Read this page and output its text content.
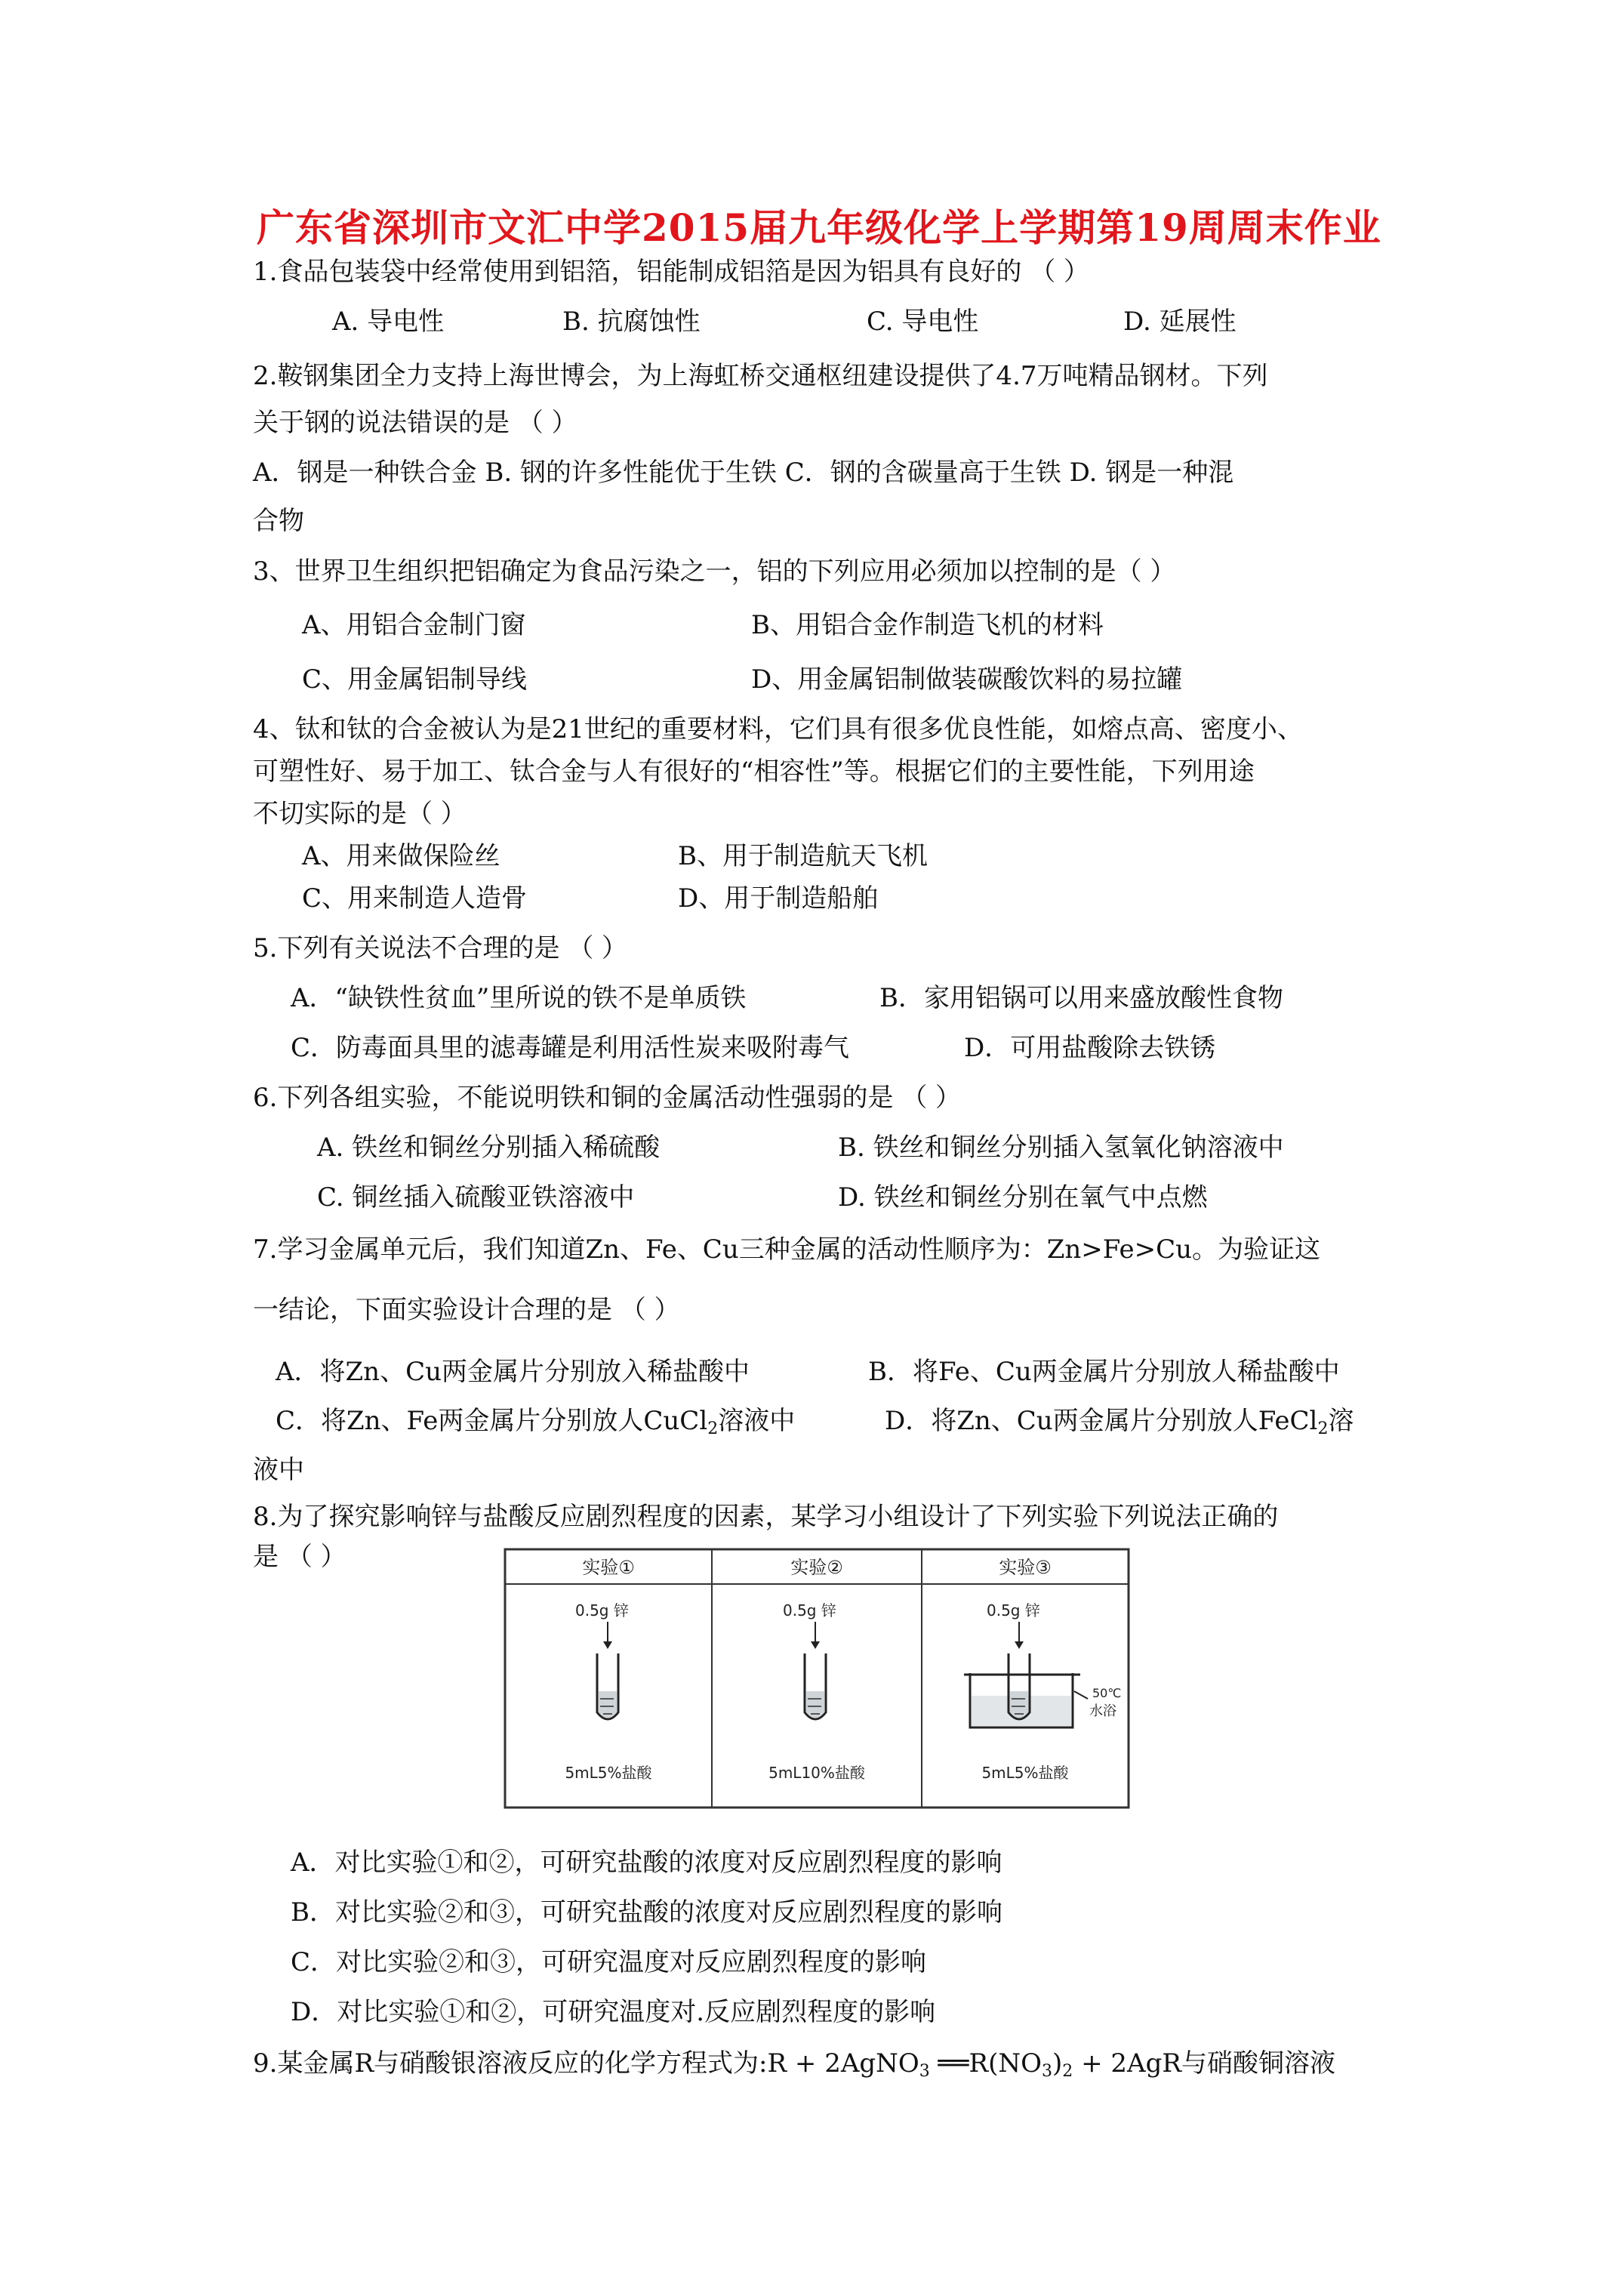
广东省深圳市文汇中学2015届九年级化学上学期第19周周末作业
1.食品包装袋中经常使用到铝箔，铝能制成铝箔是因为铝具有良好的 （ ）
A. 导电性	B. 抗腐蚀性	C. 导电性	D. 延展性
2.鞍钢集团全力支持上海世博会，为上海虹桥交通枢纽建设提供了4.7万吨精品钢材。下列
关于钢的说法错误的是 （ ）
A．钢是一种铁合金 B. 钢的许多性能优于生铁 C．钢的含碳量高于生铁 D. 钢是一种混
合物
3、世界卫生组织把铝确定为食品污染之一，铝的下列应用必须加以控制的是（ ）
A、用铝合金制门窗	B、用铝合金作制造飞机的材料
C、用金属铝制导线	D、用金属铝制做装碳酸饮料的易拉罐
4、钛和钛的合金被认为是21世纪的重要材料，它们具有很多优良性能，如熔点高、密度小、
可塑性好、易于加工、钛合金与人有很好的“相容性”等。根据它们的主要性能，下列用途
不切实际的是（ ）
A、用来做保险丝	B、用于制造航天飞机
C、用来制造人造骨	D、用于制造船舶
5.下列有关说法不合理的是 （ ）
A．“缺铁性贫血”里所说的铁不是单质铁	B．家用铝锅可以用来盛放酸性食物
C．防毒面具里的滤毒罐是利用活性炭来吸附毒气	D．可用盐酸除去铁锈
6.下列各组实验，不能说明铁和铜的金属活动性强弱的是 （ ）
A. 铁丝和铜丝分别插入稀硫酸	B. 铁丝和铜丝分别插入氢氧化钠溶液中
C. 铜丝插入硫酸亚铁溶液中	D. 铁丝和铜丝分别在氧气中点燃
7.学习金属单元后，我们知道Zn、Fe、Cu三种金属的活动性顺序为：Zn>Fe>Cu。为验证这
一结论，下面实验设计合理的是 （ ）
A．将Zn、Cu两金属片分别放入稀盐酸中	B．将Fe、Cu两金属片分别放人稀盐酸中
C．将Zn、Fe两金属片分别放人CuCl$_2$溶液中	D．将Zn、Cu两金属片分别放人FeCl$_2$溶
液中
8.为了探究影响锌与盐酸反应剧烈程度的因素，某学习小组设计了下列实验下列说法正确的
是 （ ）	实验①	实验②	实验③
0.5g 锌
5mL5%盐酸
0.5g 锌
5mL10%盐酸
0.5g 锌
50℃
水浴
5mL5%盐酸
A．对比实验①和②，可研究盐酸的浓度对反应剧烈程度的影响
B．对比实验②和③，可研究盐酸的浓度对反应剧烈程度的影响
C．对比实验②和③，可研究温度对反应剧烈程度的影响
D．对比实验①和②，可研究温度对.反应剧烈程度的影响
9.某金属R与硝酸银溶液反应的化学方程式为:R + 2AgNO$_3$ $══R(NO_3)_2 + 2AgR$与硝酸铜溶液
